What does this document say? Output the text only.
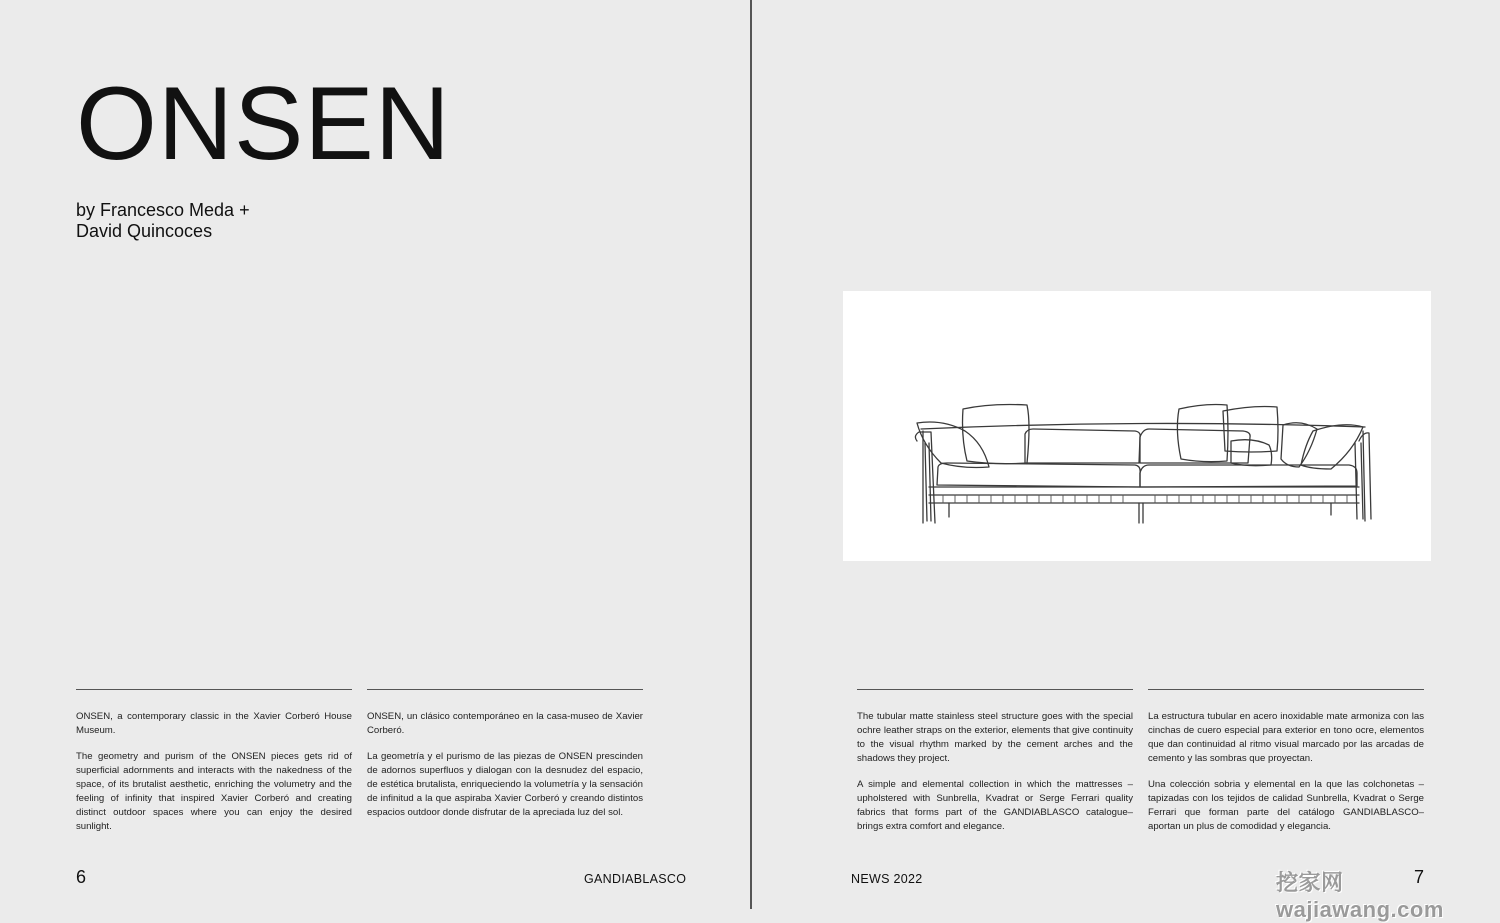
ONSEN
by Francesco Meda +
David Quincoces

ONSEN, a contemporary classic in the Xavier Corberó House Museum.

The geometry and purism of the ONSEN pieces gets rid of superficial adornments and interacts with the nakedness of the space, of its brutalist aesthetic, enriching the volumetry and the feeling of infinity that inspired Xavier Corberó and creating distinct outdoor spaces where you can enjoy the desired sunlight.

ONSEN, un clásico contemporáneo en la casa-museo de Xavier Corberó.

La geometría y el purismo de las piezas de ONSEN prescinden de adornos superfluos y dialogan con la desnudez del espacio, de estética brutalista, enriqueciendo la volumetría y la sensación de infinitud a la que aspiraba Xavier Corberó y creando distintos espacios outdoor donde disfrutar de la apreciada luz del sol.

6	GANDIABLASCO

The tubular matte stainless steel structure goes with the special ochre leather straps on the exterior, elements that give continuity to the visual rhythm marked by the cement arches and the shadows they project.

A simple and elemental collection in which the mattresses –upholstered with Sunbrella, Kvadrat or Serge Ferrari quality fabrics that forms part of the GANDIABLASCO catalogue– brings extra comfort and elegance.

La estructura tubular en acero inoxidable mate armoniza con las cinchas de cuero especial para exterior en tono ocre, elementos que dan continuidad al ritmo visual marcado por las arcadas de cemento y las sombras que proyectan.

Una colección sobria y elemental en la que las colchonetas –tapizadas con los tejidos de calidad Sunbrella, Kvadrat o Serge Ferrari que forman parte del catálogo GANDIABLASCO– aportan un plus de comodidad y elegancia.

NEWS 2022	7
挖家网 wajiawang.com
